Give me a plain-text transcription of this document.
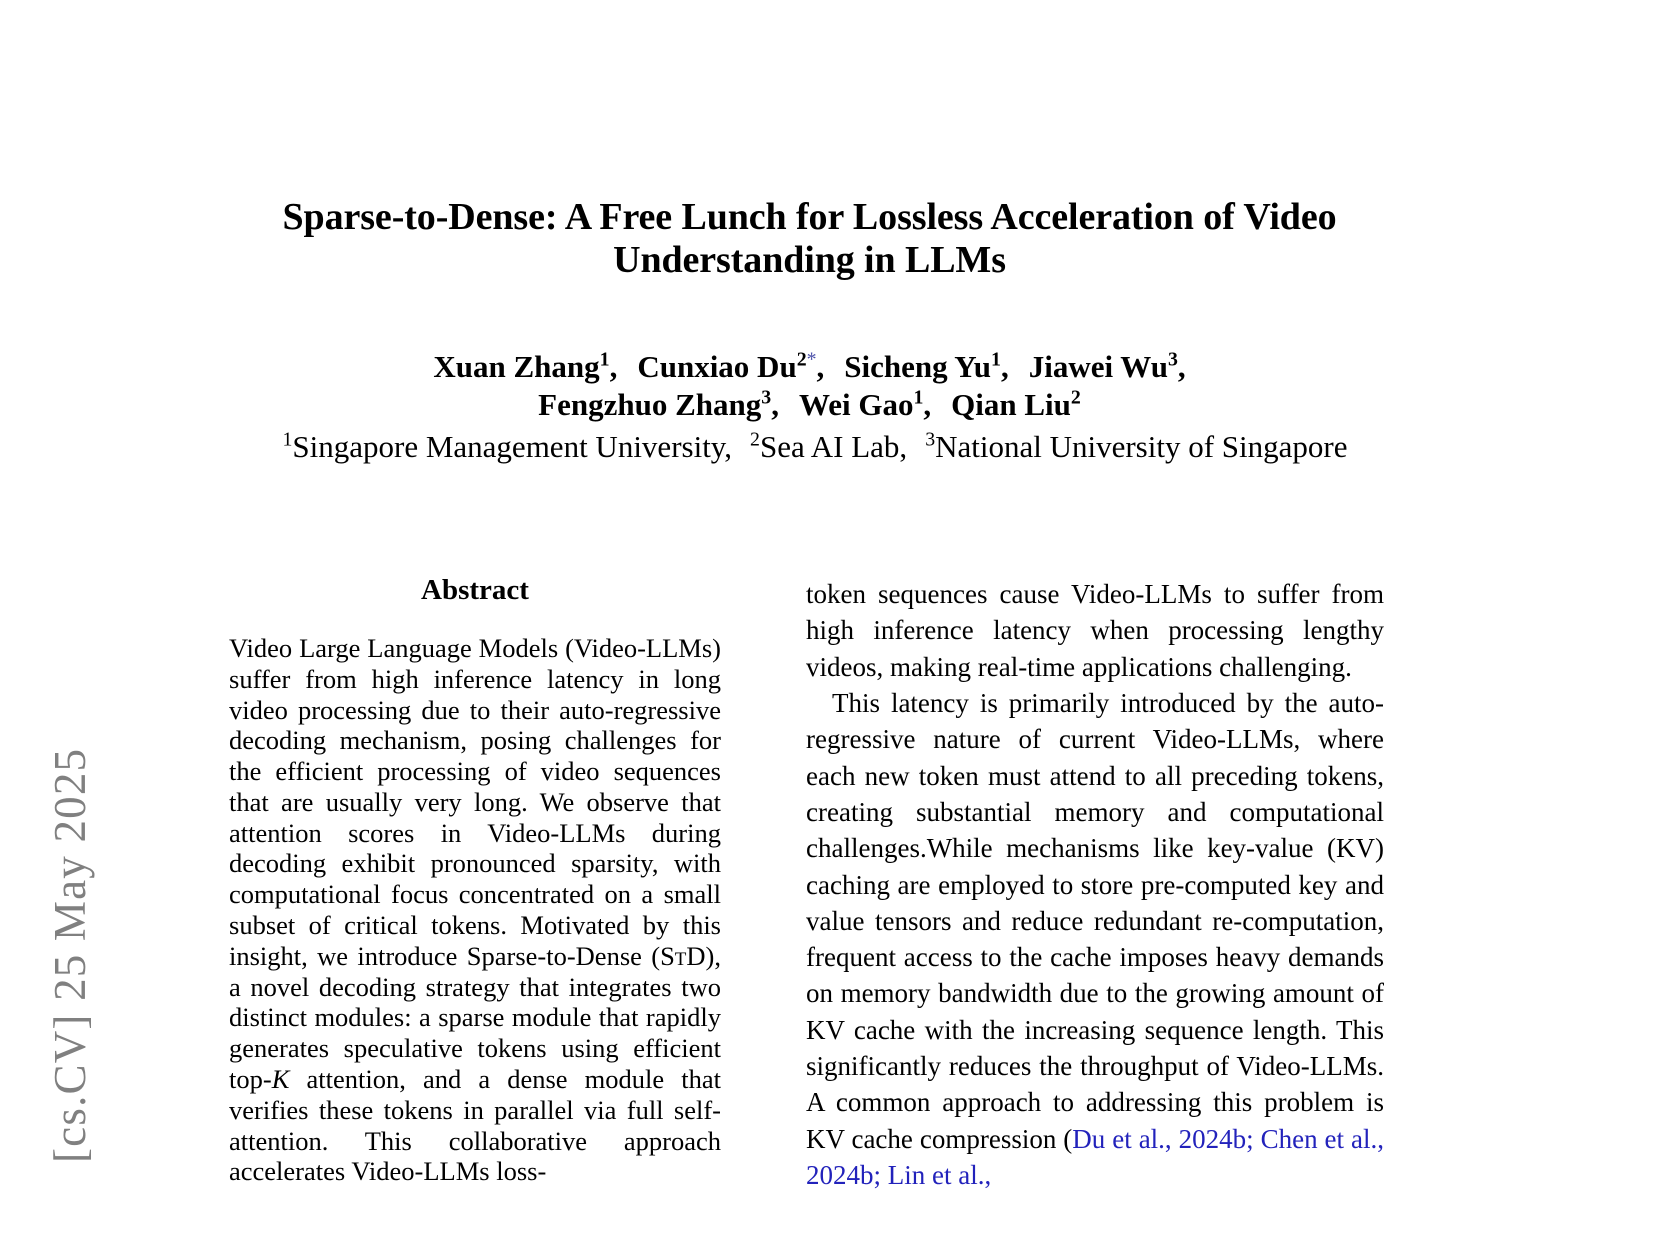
[cs.CV] 25 May 2025
Sparse-to-Dense: A Free Lunch for Lossless Acceleration of Video Understanding in LLMs
Xuan Zhang$^1$, Cunxiao $Du^{2*}$, Sicheng Yu$^1$, Jiawei Wu$^3$,
Fengzhuo Zhang$^3$, Wei Gao$^1$, Qian Liu$^2$
$^1$Singapore Management University, $^2$Sea AI Lab, $^3$National University of Singapore
Abstract

Video Large Language Models (Video-LLMs) suffer from high inference latency in long video processing due to their auto-regressive decoding mechanism, posing challenges for the efficient processing of video sequences that are usually very long. We observe that attention scores in Video-LLMs during decoding exhibit pronounced sparsity, with computational focus concentrated on a small subset of critical tokens. Motivated by this insight, we introduce Sparse-to-Dense (StD), a novel decoding strategy that integrates two distinct modules: a sparse module that rapidly generates speculative tokens using efficient top-K attention, and a dense module that verifies these tokens in parallel via full self-attention. This collaborative approach accelerates Video-LLMs loss-

token sequences cause Video-LLMs to suffer from high inference latency when processing lengthy videos, making real-time applications challenging.

This latency is primarily introduced by the auto-regressive nature of current Video-LLMs, where each new token must attend to all preceding tokens, creating substantial memory and computational challenges.While mechanisms like key-value (KV) caching are employed to store pre-computed key and value tensors and reduce redundant re-computation, frequent access to the cache imposes heavy demands on memory bandwidth due to the growing amount of KV cache with the increasing sequence length. This significantly reduces the throughput of Video-LLMs. A common approach to addressing this problem is KV cache compression (Du et al., 2024b; Chen et al., 2024b; Lin et al.,
